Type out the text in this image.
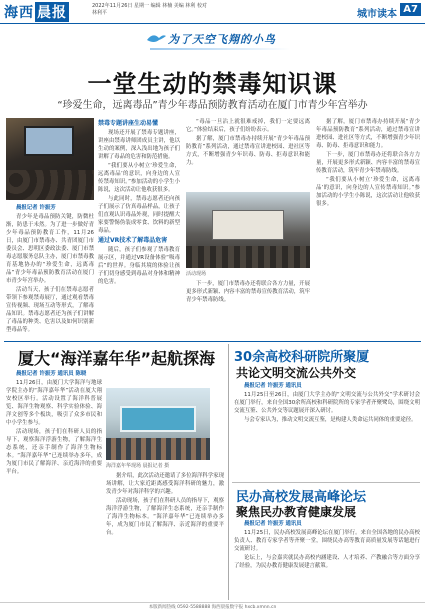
海西 晨报	2022年11月26日 星期一 编辑 林楠 美编 林利 校对 林利平	城市读本 A7
为了天空飞翔的小鸟
一堂生动的禁毒知识课
“珍爱生命，远离毒品”青少年毒品预防教育活动在厦门市青少年宫举办

晨报记者 许振芳

青少年是毒品预防关键，防微杜渐，防患于未然。为了进一步做好青少年毒品预防教育工作，11月26日，由厦门市禁毒办、共青团厦门市委员会、思明区委政法委、厦门市禁毒志愿服务总队主办，厦门市禁毒教育基地协办的“珍爱生命，远离毒品”青少年毒品预防教育活动在厦门市青少年宫举办。

活动当天，孩子们在禁毒志愿者带领下参观禁毒展厅，通过观看禁毒宣传视频、现场互动等形式，了解毒品知识。禁毒志愿者还为孩子们讲解了毒品的种类、危害以及如何识别新型毒品等。

禁毒专题讲座生动易懂

现场还开展了禁毒专题讲座，讲座由禁毒讲师团成员主讲，他以生动的案例，深入浅出地为孩子们讲解了毒品的危害和防范措施。

“我们要从小树立‘珍爱生命，远离毒品’的意识，向身边的人宣传禁毒知识。”参加活动的小学生小陈说，这次活动让他收获很多。

与此同时，禁毒志愿者还向孩子们展示了仿真毒品样品，让孩子们直观认识毒品外观，同时提醒大家要警惕伪装成零食、饮料的新型毒品。

通过VR技术了解毒品危害

随后，孩子们参观了禁毒教育展示区，并通过VR设备体验“吸毒后”的世界。身临其境的体验让孩子们切身感受到毒品对身体和精神的危害。

“毒品一旦沾上就很难戒掉，我们一定要远离它。”体验结束后，孩子们纷纷表示。

据了解，厦门市禁毒办持续开展“青少年毒品预防教育”系列活动，通过禁毒宣讲进校园、进社区等方式，不断增强青少年识毒、防毒、拒毒意识和能力。

活动现场

下一步，厦门市禁毒办还将联合各方力量，开展更多形式新颖、内容丰富的禁毒宣传教育活动，筑牢青少年禁毒防线。

据了解，厦门市禁毒办持续开展“青少年毒品预防教育”系列活动，通过禁毒宣讲进校园、进社区等方式，不断增强青少年识毒、防毒、拒毒意识和能力。

下一步，厦门市禁毒办还将联合各方力量，开展更多形式新颖、内容丰富的禁毒宣传教育活动，筑牢青少年禁毒防线。

“我们要从小树立‘珍爱生命，远离毒品’的意识，向身边的人宣传禁毒知识。”参加活动的小学生小陈说，这次活动让他收获很多。

厦大“海洋嘉年华”起航探海

晨报记者 许振芳 通讯员 陈晓

11月26日，由厦门大学海洋与地球学院主办的“海洋嘉年华”活动在厦大翔安校区举行。活动设置了海洋科普展览、海洋生物观察、科学实验体验、海洋文创等多个板块，吸引了众多市民和中小学生参与。

活动现场，孩子们在科研人员的指导下，观察海洋浮游生物，了解海洋生态系统，还亲手制作了海洋生物标本。“海洋嘉年华”已连续举办多年，成为厦门市民了解海洋、亲近海洋的重要平台。

海洋嘉年华现场 晨报记者 摄

据介绍，此次活动还邀请了多位海洋科学家现场讲解，让大家近距离感受海洋科研的魅力，激发青少年对海洋科学的兴趣。

活动现场，孩子们在科研人员的指导下，观察海洋浮游生物，了解海洋生态系统，还亲手制作了海洋生物标本。“海洋嘉年华”已连续举办多年，成为厦门市民了解海洋、亲近海洋的重要平台。

30余高校科研院所聚厦
共论文明交流公共外交

晨报记者 许振芳 通讯员

11月25日至26日，由厦门大学主办的“文明交流与公共外交”学术研讨会在厦门举行，来自全国30余所高校和科研院所的专家学者齐聚鹭岛，围绕文明交流互鉴、公共外交等议题展开深入研讨。

与会专家认为，推动文明交流互鉴，是构建人类命运共同体的重要途径。

民办高校发展高峰论坛
聚焦民办教育健康发展

晨报记者 许振芳 通讯员

11月25日，民办高校发展高峰论坛在厦门举行。来自全国各地的民办高校负责人、教育专家学者等齐聚一堂，围绕民办高等教育高质量发展等话题进行交流研讨。

论坛上，与会嘉宾就民办高校内涵建设、人才培养、产教融合等方面分享了经验，为民办教育健康发展建言献策。

本版新闻热线 0592-5588888 海西晨报数字报 hxcb.xmnn.cn
